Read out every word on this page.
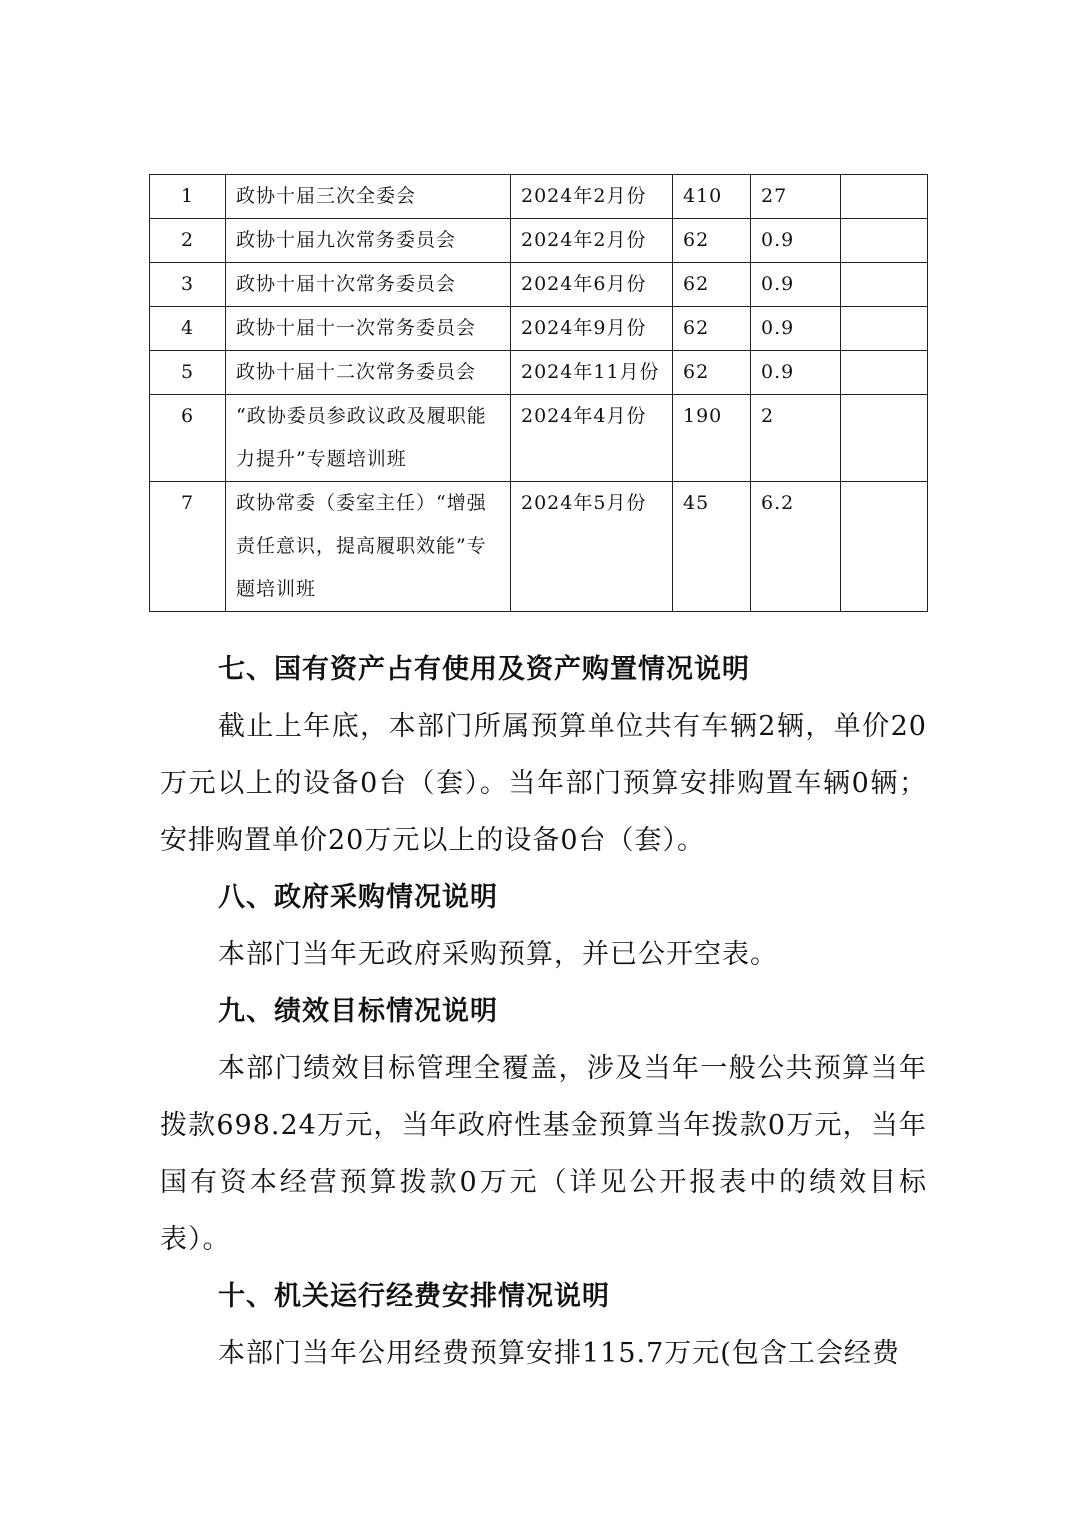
1	政协十届三次全委会	2024年2月份	410	27	
2	政协十届九次常务委员会	2024年2月份	62	0.9	
3	政协十届十次常务委员会	2024年6月份	62	0.9	
4	政协十届十一次常务委员会	2024年9月份	62	0.9	
5	政协十届十二次常务委员会	2024年11月份	62	0.9	
6	“政协委员参政议政及履职能力提升”专题培训班	2024年4月份	190	2	
7	政协常委（委室主任）“增强责任意识，提高履职效能”专题培训班	2024年5月份	45	6.2	

七、国有资产占有使用及资产购置情况说明

截止上年底，本部门所属预算单位共有车辆2辆，单价20万元以上的设备0台（套）。当年部门预算安排购置车辆0辆；安排购置单价20万元以上的设备0台（套）。

八、政府采购情况说明

本部门当年无政府采购预算，并已公开空表。

九、绩效目标情况说明

本部门绩效目标管理全覆盖，涉及当年一般公共预算当年拨款698.24万元，当年政府性基金预算当年拨款0万元，当年国有资本经营预算拨款0万元（详见公开报表中的绩效目标表）。

十、机关运行经费安排情况说明

本部门当年公用经费预算安排115.7万元(包含工会经费
